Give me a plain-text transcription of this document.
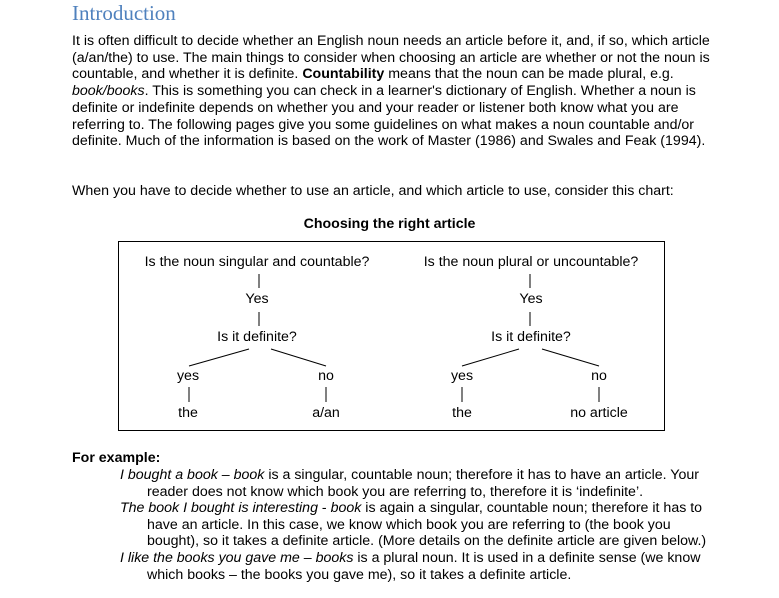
Introduction
It is often difficult to decide whether an English noun needs an article before it, and, if so, which article (a/an/the) to use. The main things to consider when choosing an article are whether or not the noun is countable, and whether it is definite. Countability means that the noun can be made plural, e.g. book/books. This is something you can check in a learner's dictionary of English. Whether a noun is definite or indefinite depends on whether you and your reader or listener both know what you are referring to. The following pages give you some guidelines on what makes a noun countable and/or definite. Much of the information is based on the work of Master (1986) and Swales and Feak (1994).
When you have to decide whether to use an article, and which article to use, consider this chart:
Choosing the right article
Is the noun singular and countable?
Yes
Is it definite?
yes	no
the	a/an
Is the noun plural or uncountable?
Yes
Is it definite?
yes	no
the	no article
For example:
I bought a book – book is a singular, countable noun; therefore it has to have an article. Your reader does not know which book you are referring to, therefore it is ‘indefinite’.
The book I bought is interesting - book is again a singular, countable noun; therefore it has to have an article. In this case, we know which book you are referring to (the book you bought), so it takes a definite article. (More details on the definite article are given below.)
I like the books you gave me – books is a plural noun. It is used in a definite sense (we know which books – the books you gave me), so it takes a definite article.
